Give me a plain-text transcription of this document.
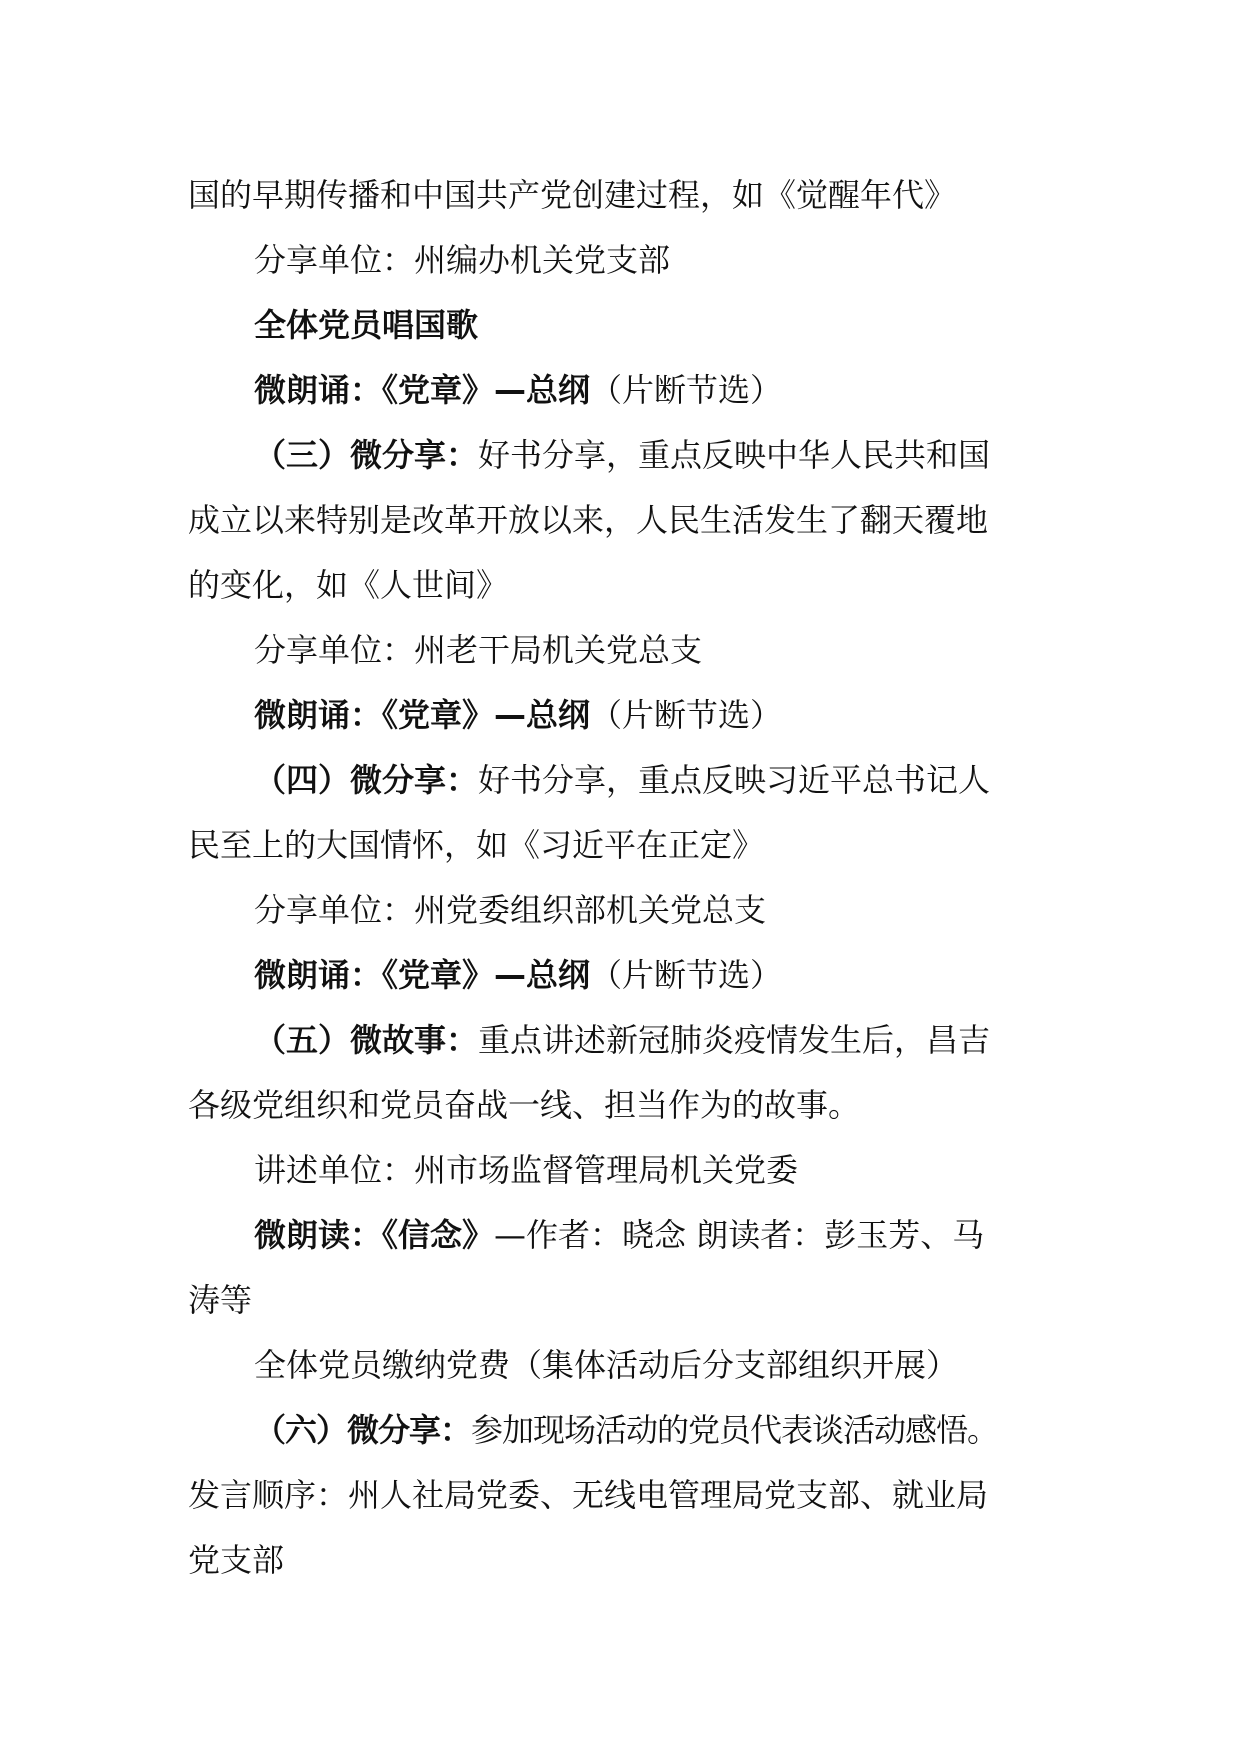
国的早期传播和中国共产党创建过程，如《觉醒年代》
分享单位：州编办机关党支部
全体党员唱国歌
微朗诵：《党章》—总纲（片断节选）
（三）微分享：好书分享，重点反映中华人民共和国
成立以来特别是改革开放以来，人民生活发生了翻天覆地
的变化，如《人世间》
分享单位：州老干局机关党总支
微朗诵：《党章》—总纲（片断节选）
（四）微分享：好书分享，重点反映习近平总书记人
民至上的大国情怀，如《习近平在正定》
分享单位：州党委组织部机关党总支
微朗诵：《党章》—总纲（片断节选）
（五）微故事：重点讲述新冠肺炎疫情发生后，昌吉
各级党组织和党员奋战一线、担当作为的故事。
讲述单位：州市场监督管理局机关党委
微朗读：《信念》—作者：晓念 朗读者：彭玉芳、马
涛等
全体党员缴纳党费（集体活动后分支部组织开展）
（六）微分享：参加现场活动的党员代表谈活动感悟。
发言顺序：州人社局党委、无线电管理局党支部、就业局
党支部
